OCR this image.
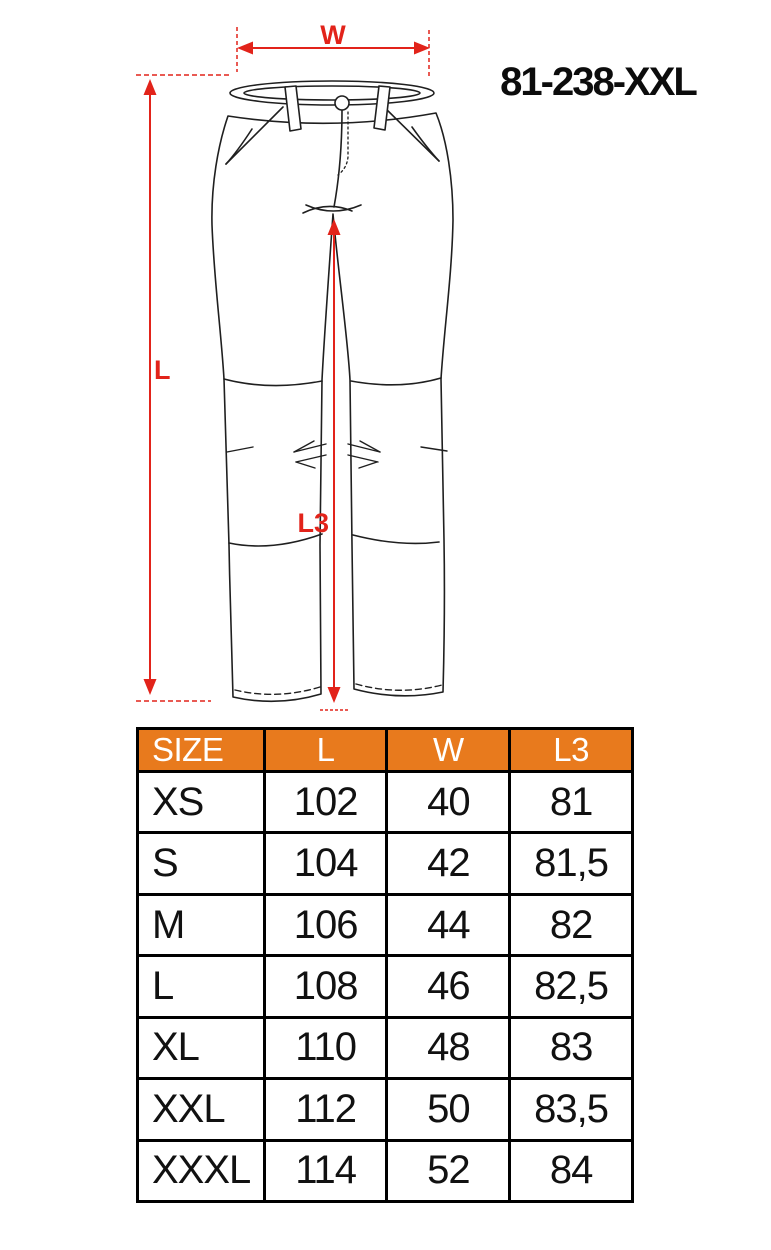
81-238-XXL
W
L
L3
SIZE	L	W	L3
XS	102	40	81
S	104	42	81,5
M	106	44	82
L	108	46	82,5
XL	110	48	83
XXL	112	50	83,5
XXXL	114	52	84
